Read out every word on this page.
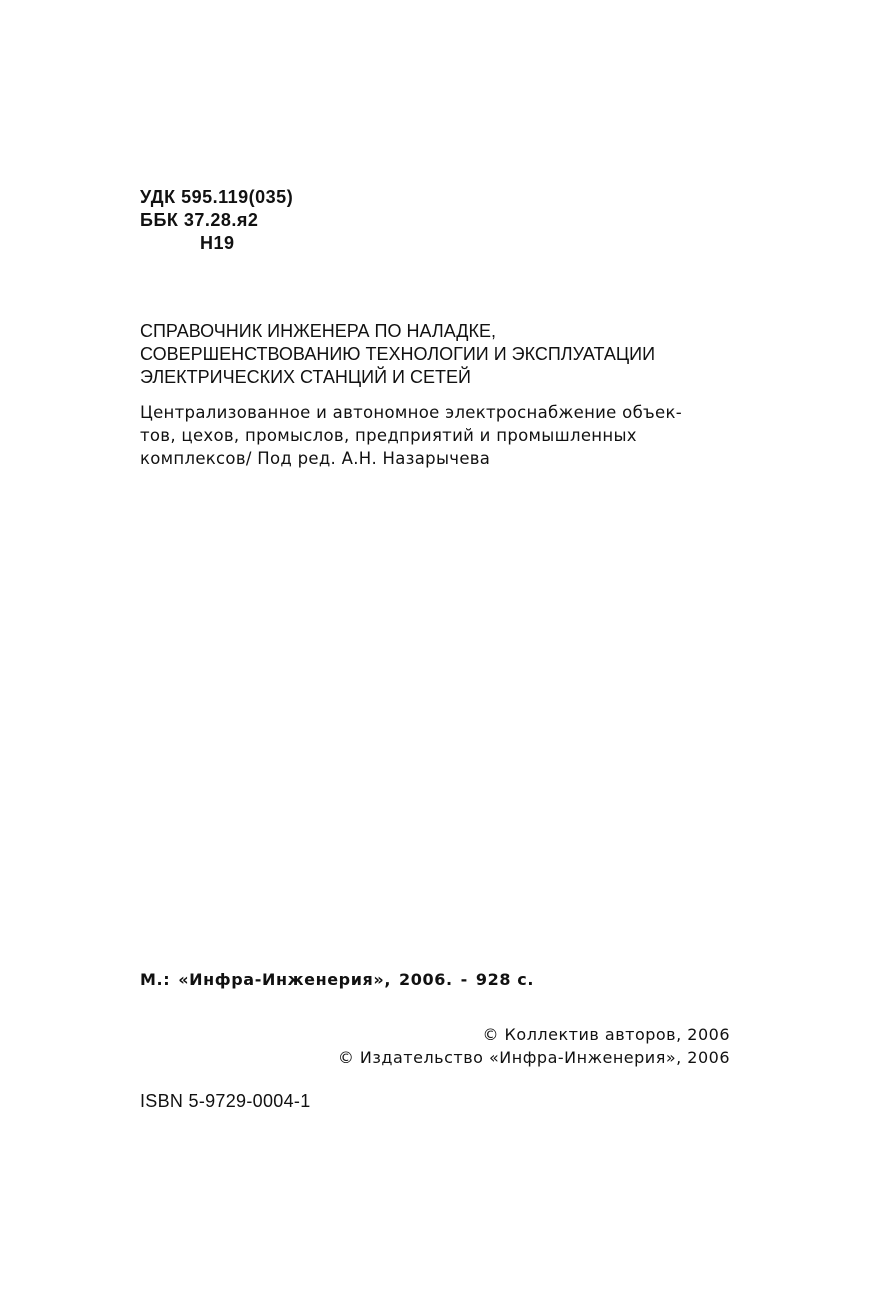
УДК 595.119(035)
ББК 37.28.я2
Н19
СПРАВОЧНИК ИНЖЕНЕРА ПО НАЛАДКЕ,
СОВЕРШЕНСТВОВАНИЮ ТЕХНОЛОГИИ И ЭКСПЛУАТАЦИИ
ЭЛЕКТРИЧЕСКИХ СТАНЦИЙ И СЕТЕЙ
Централизованное и автономное электроснабжение объек-
тов, цехов, промыслов, предприятий и промышленных
комплексов/ Под ред. А.Н. Назарычева
М.: «Инфра-Инженерия», 2006. - 928 с.
© Коллектив авторов, 2006
© Издательство «Инфра-Инженерия», 2006
ISBN 5-9729-0004-1
